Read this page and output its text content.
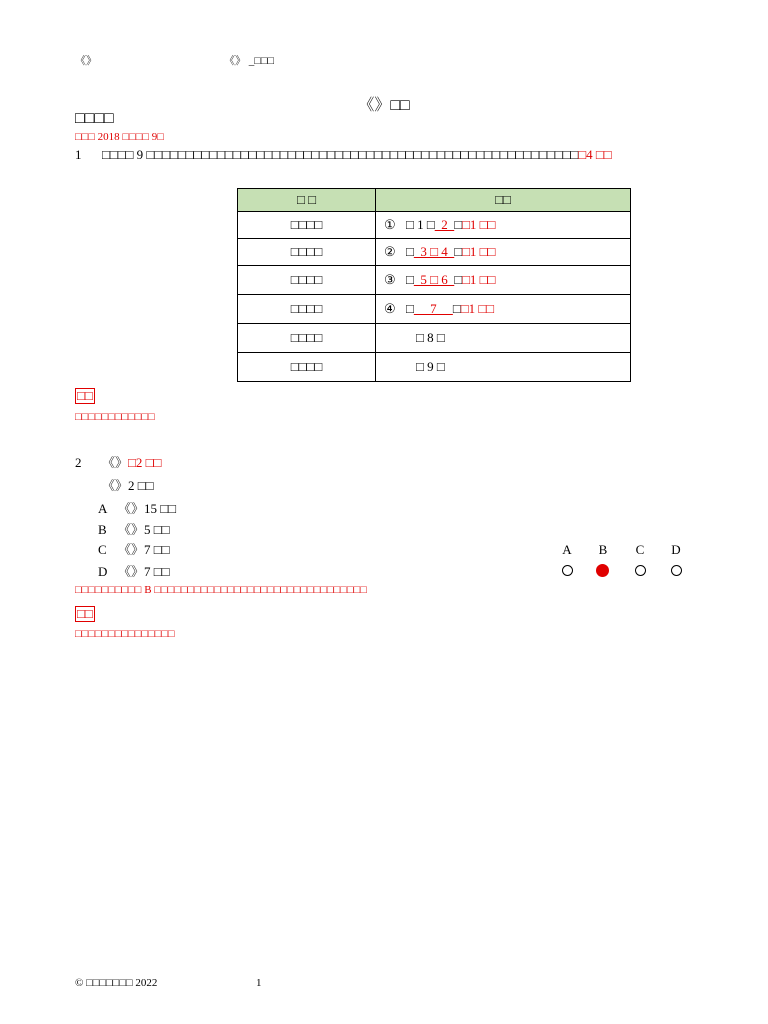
《》	《》 _□□□
《》□□
□□□□
□□□ 2018 □□□□ 9□
1 □□□□ 9 □□□□□□□□□□□□□□□□□□□□□□□□□□□□□□□□□□□□□□□□□□□□□□□□□□□□□□□□4 □□
□ □	□□
□□□□	① □ 1 □  2  □□1 □□
□□□□	② □  3 □ 4  □□1 □□
□□□□	③ □  5 □ 6  □□1 □□
□□□□	④ □     7     □□1 □□
□□□□	□ 8 □
□□□□	□ 9 □
□□
□□□□□□□□□□□□
2 《》□2 □□
《》2 □□
A 《》15 □□
B 《》5 □□
C 《》7 □□
D 《》7 □□
A	B	C	D
□□□□□□□□□□ B □□□□□□□□□□□□□□□□□□□□□□□□□□□□□□□□
□□
□□□□□□□□□□□□□□□
© □□□□□□□ 2022	1
